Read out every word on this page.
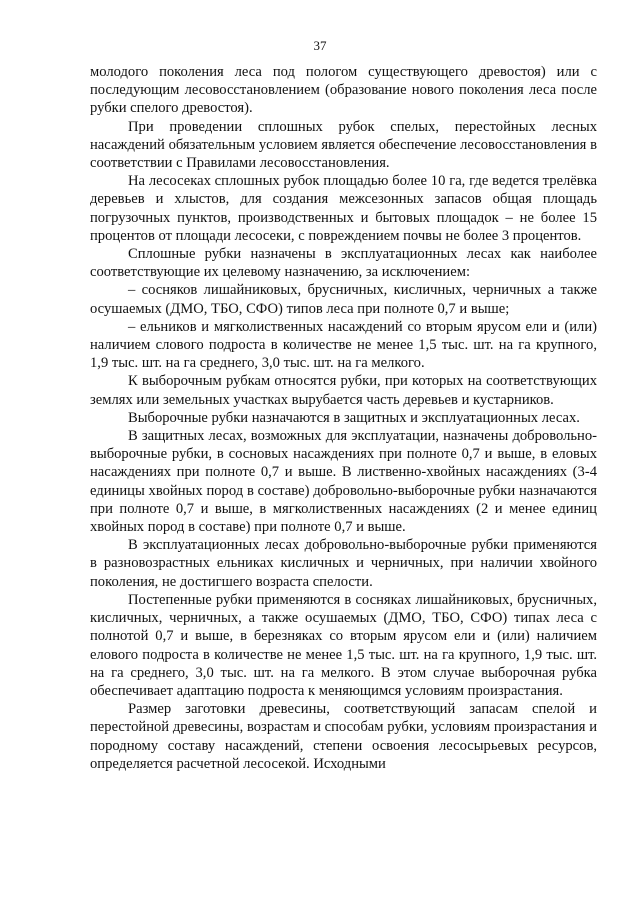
37

молодого поколения леса под пологом существующего древостоя) или с последующим лесовосстановлением (образование нового поколения леса после рубки спелого древостоя).

При проведении сплошных рубок спелых, перестойных лесных насаждений обязательным условием является обеспечение лесовосстановления в соответствии с Правилами лесовосстановления.

На лесосеках сплошных рубок площадью более 10 га, где ведется трелёвка деревьев и хлыстов, для создания межсезонных запасов общая площадь погрузочных пунктов, производственных и бытовых площадок – не более 15 процентов от площади лесосеки, с повреждением почвы не более 3 процентов.

Сплошные рубки назначены в эксплуатационных лесах как наиболее соответствующие их целевому назначению, за исключением:

– сосняков лишайниковых, брусничных, кисличных, черничных а также осушаемых (ДМО, ТБО, СФО) типов леса при полноте 0,7 и выше;

– ельников и мягколиственных насаждений со вторым ярусом ели и (или) наличием слового подроста в количестве не менее 1,5 тыс. шт. на га крупного, 1,9 тыс. шт. на га среднего, 3,0 тыс. шт. на га мелкого.

К выборочным рубкам относятся рубки, при которых на соответствующих землях или земельных участках вырубается часть деревьев и кустарников.

Выборочные рубки назначаются в защитных и эксплуатационных лесах.

В защитных лесах, возможных для эксплуатации, назначены добровольно-выборочные рубки, в сосновых насаждениях при полноте 0,7 и выше, в еловых насаждениях при полноте 0,7 и выше. В лиственно-хвойных насаждениях (3-4 единицы хвойных пород в составе) добровольно-выборочные рубки назначаются при полноте 0,7 и выше, в мягколиственных насаждениях (2 и менее единиц хвойных пород в составе) при полноте 0,7 и выше.

В эксплуатационных лесах добровольно-выборочные рубки применяются в разновозрастных ельниках кисличных и черничных, при наличии хвойного поколения, не достигшего возраста спелости.

Постепенные рубки применяются в сосняках лишайниковых, брусничных, кисличных, черничных, а также осушаемых (ДМО, ТБО, СФО) типах леса с полнотой 0,7 и выше, в березняках со вторым ярусом ели и (или) наличием елового подроста в количестве не менее 1,5 тыс. шт. на га крупного, 1,9 тыс. шт. на га среднего, 3,0 тыс. шт. на га мелкого. В этом случае выборочная рубка обеспечивает адаптацию подроста к меняющимся условиям произрастания.

Размер заготовки древесины, соответствующий запасам спелой и перестойной древесины, возрастам и способам рубки, условиям произрастания и породному составу насаждений, степени освоения лесосырьевых ресурсов, определяется расчетной лесосекой. Исходными
